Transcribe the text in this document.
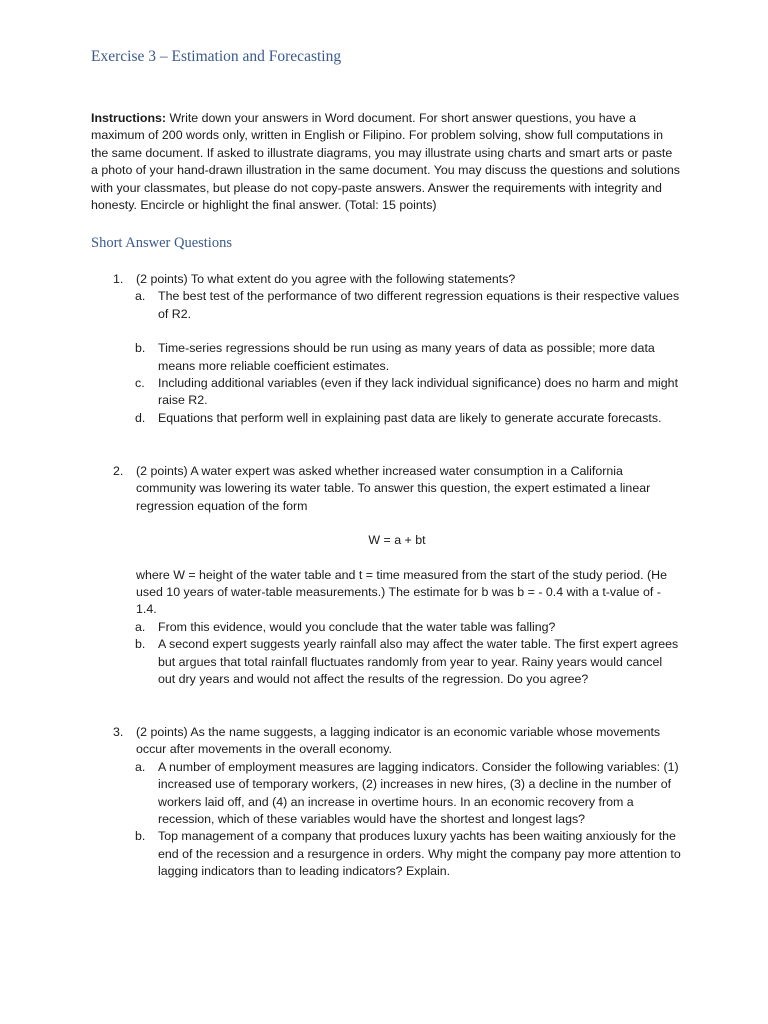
Exercise 3 – Estimation and Forecasting

Instructions: Write down your answers in Word document. For short answer questions, you have a maximum of 200 words only, written in English or Filipino. For problem solving, show full computations in the same document. If asked to illustrate diagrams, you may illustrate using charts and smart arts or paste a photo of your hand-drawn illustration in the same document. You may discuss the questions and solutions with your classmates, but please do not copy-paste answers. Answer the requirements with integrity and honesty. Encircle or highlight the final answer. (Total: 15 points)

Short Answer Questions
1. (2 points) To what extent do you agree with the following statements?
a. The best test of the performance of two different regression equations is their respective values of R2.
b. Time-series regressions should be run using as many years of data as possible; more data means more reliable coefficient estimates.
c. Including additional variables (even if they lack individual significance) does no harm and might raise R2.
d. Equations that perform well in explaining past data are likely to generate accurate forecasts.
2. (2 points) A water expert was asked whether increased water consumption in a California community was lowering its water table. To answer this question, the expert estimated a linear regression equation of the form
W = a + bt
where W = height of the water table and t = time measured from the start of the study period. (He used 10 years of water-table measurements.) The estimate for b was b = - 0.4 with a t-value of - 1.4.
a. From this evidence, would you conclude that the water table was falling?
b. A second expert suggests yearly rainfall also may affect the water table. The first expert agrees but argues that total rainfall fluctuates randomly from year to year. Rainy years would cancel out dry years and would not affect the results of the regression. Do you agree?
3. (2 points) As the name suggests, a lagging indicator is an economic variable whose movements occur after movements in the overall economy.
a. A number of employment measures are lagging indicators. Consider the following variables: (1) increased use of temporary workers, (2) increases in new hires, (3) a decline in the number of workers laid off, and (4) an increase in overtime hours. In an economic recovery from a recession, which of these variables would have the shortest and longest lags?
b. Top management of a company that produces luxury yachts has been waiting anxiously for the end of the recession and a resurgence in orders. Why might the company pay more attention to lagging indicators than to leading indicators? Explain.
